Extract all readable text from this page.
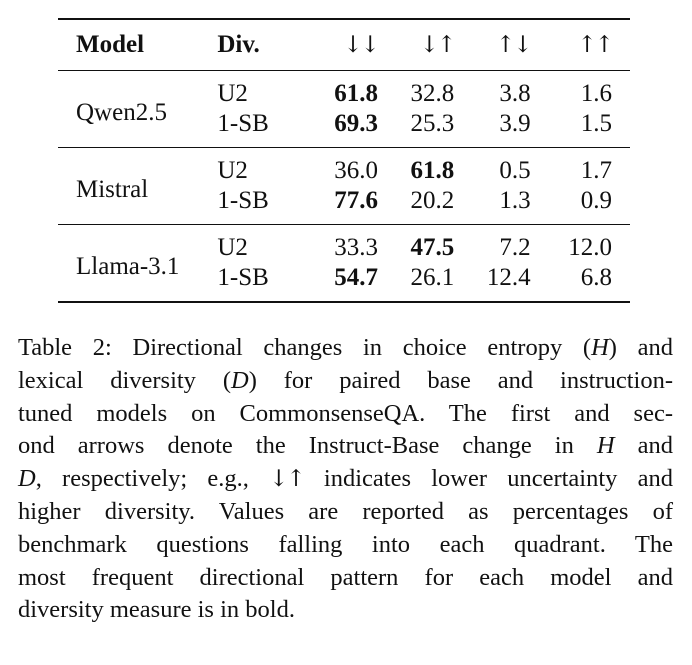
Model	Div.	↓↓	↓↑	↑↓	↑↑
Qwen2.5	U2	61.8	32.8	3.8	1.6
	1-SB	69.3	25.3	3.9	1.5
Mistral	U2	36.0	61.8	0.5	1.7
	1-SB	77.6	20.2	1.3	0.9
Llama-3.1	U2	33.3	47.5	7.2	12.0
	1-SB	54.7	26.1	12.4	6.8
Table 2: Directional changes in choice entropy (H) and
lexical diversity (D) for paired base and instruction-
tuned models on CommonsenseQA. The first and sec-
ond arrows denote the Instruct-Base change in H and
D, respectively; e.g., ↓↑ indicates lower uncertainty and
higher diversity. Values are reported as percentages of
benchmark questions falling into each quadrant. The
most frequent directional pattern for each model and
diversity measure is in bold.
